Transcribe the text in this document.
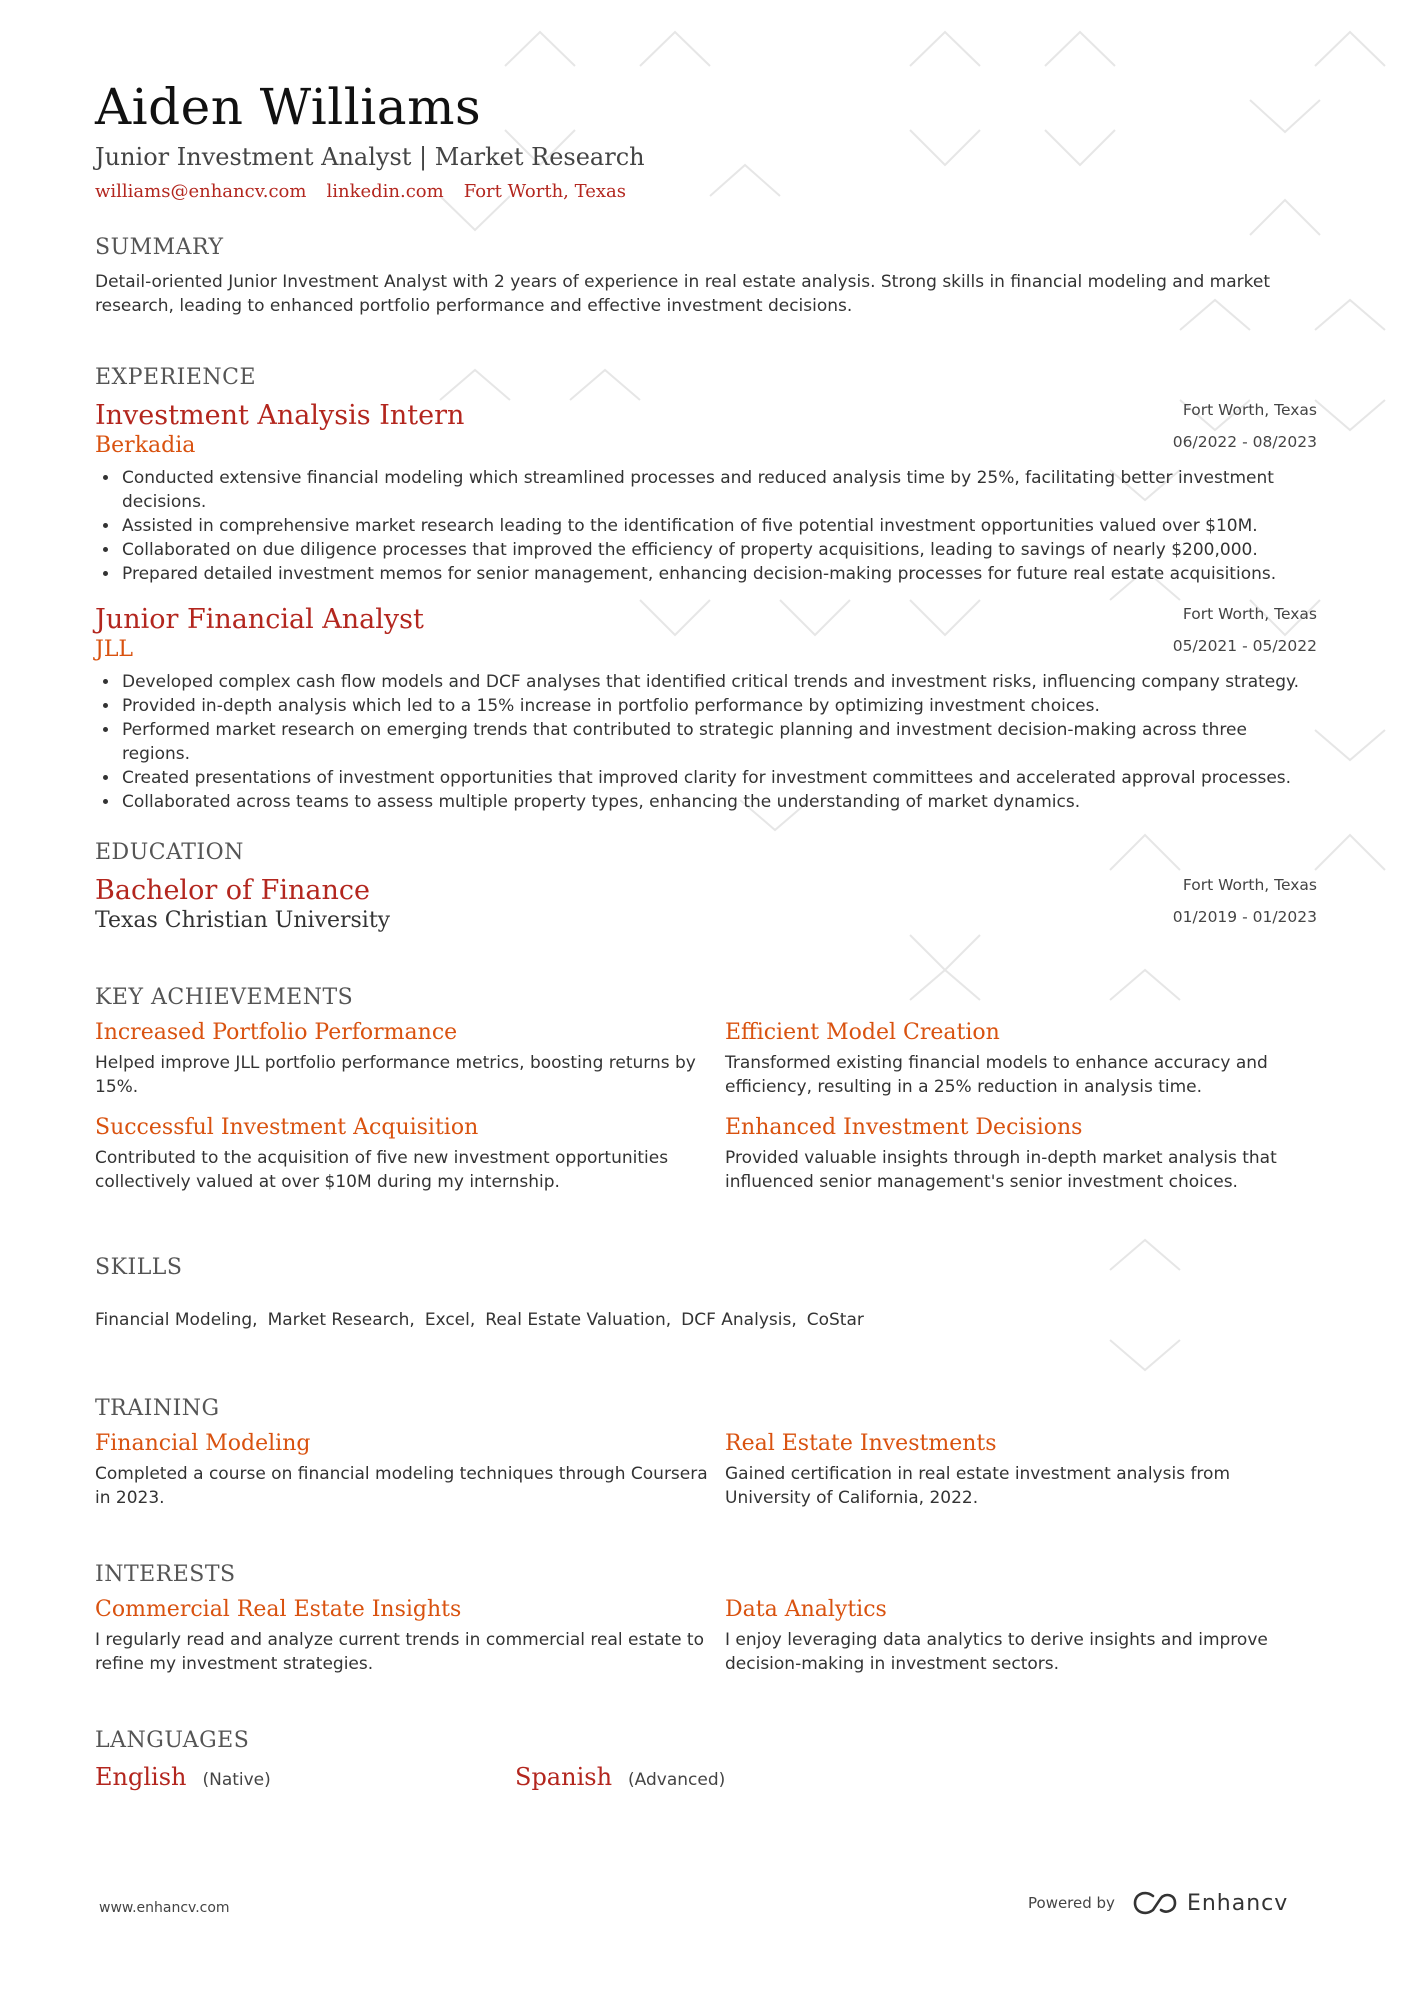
Aiden Williams
Junior Investment Analyst | Market Research
williams@enhancv.com linkedin.com Fort Worth, Texas
SUMMARY
Detail-oriented Junior Investment Analyst with 2 years of experience in real estate analysis. Strong skills in financial modeling and market research, leading to enhanced portfolio performance and effective investment decisions.
EXPERIENCE
Fort Worth, Texas
06/2022 - 08/2023
Investment Analysis Intern
Berkadia
• Conducted extensive financial modeling which streamlined processes and reduced analysis time by 25%, facilitating better investment decisions.
• Assisted in comprehensive market research leading to the identification of five potential investment opportunities valued over $10M.
• Collaborated on due diligence processes that improved the efficiency of property acquisitions, leading to savings of nearly $200,000.
• Prepared detailed investment memos for senior management, enhancing decision-making processes for future real estate acquisitions.
Fort Worth, Texas
05/2021 - 05/2022
Junior Financial Analyst
JLL
• Developed complex cash flow models and DCF analyses that identified critical trends and investment risks, influencing company strategy.
• Provided in-depth analysis which led to a 15% increase in portfolio performance by optimizing investment choices.
• Performed market research on emerging trends that contributed to strategic planning and investment decision-making across three regions.
• Created presentations of investment opportunities that improved clarity for investment committees and accelerated approval processes.
• Collaborated across teams to assess multiple property types, enhancing the understanding of market dynamics.
EDUCATION
Fort Worth, Texas
01/2019 - 01/2023
Bachelor of Finance
Texas Christian University
KEY ACHIEVEMENTS
Increased Portfolio Performance
Helped improve JLL portfolio performance metrics, boosting returns by 15%.
Efficient Model Creation
Transformed existing financial models to enhance accuracy and efficiency, resulting in a 25% reduction in analysis time.
Successful Investment Acquisition
Contributed to the acquisition of five new investment opportunities collectively valued at over $10M during my internship.
Enhanced Investment Decisions
Provided valuable insights through in-depth market analysis that influenced senior management's senior investment choices.
SKILLS
Financial Modeling, Market Research, Excel, Real Estate Valuation, DCF Analysis, CoStar
TRAINING
Financial Modeling
Completed a course on financial modeling techniques through Coursera in 2023.
Real Estate Investments
Gained certification in real estate investment analysis from University of California, 2022.
INTERESTS
Commercial Real Estate Insights
I regularly read and analyze current trends in commercial real estate to refine my investment strategies.
Data Analytics
I enjoy leveraging data analytics to derive insights and improve decision-making in investment sectors.
LANGUAGES
English (Native)	Spanish (Advanced)
www.enhancv.com	Powered by	Enhancv
